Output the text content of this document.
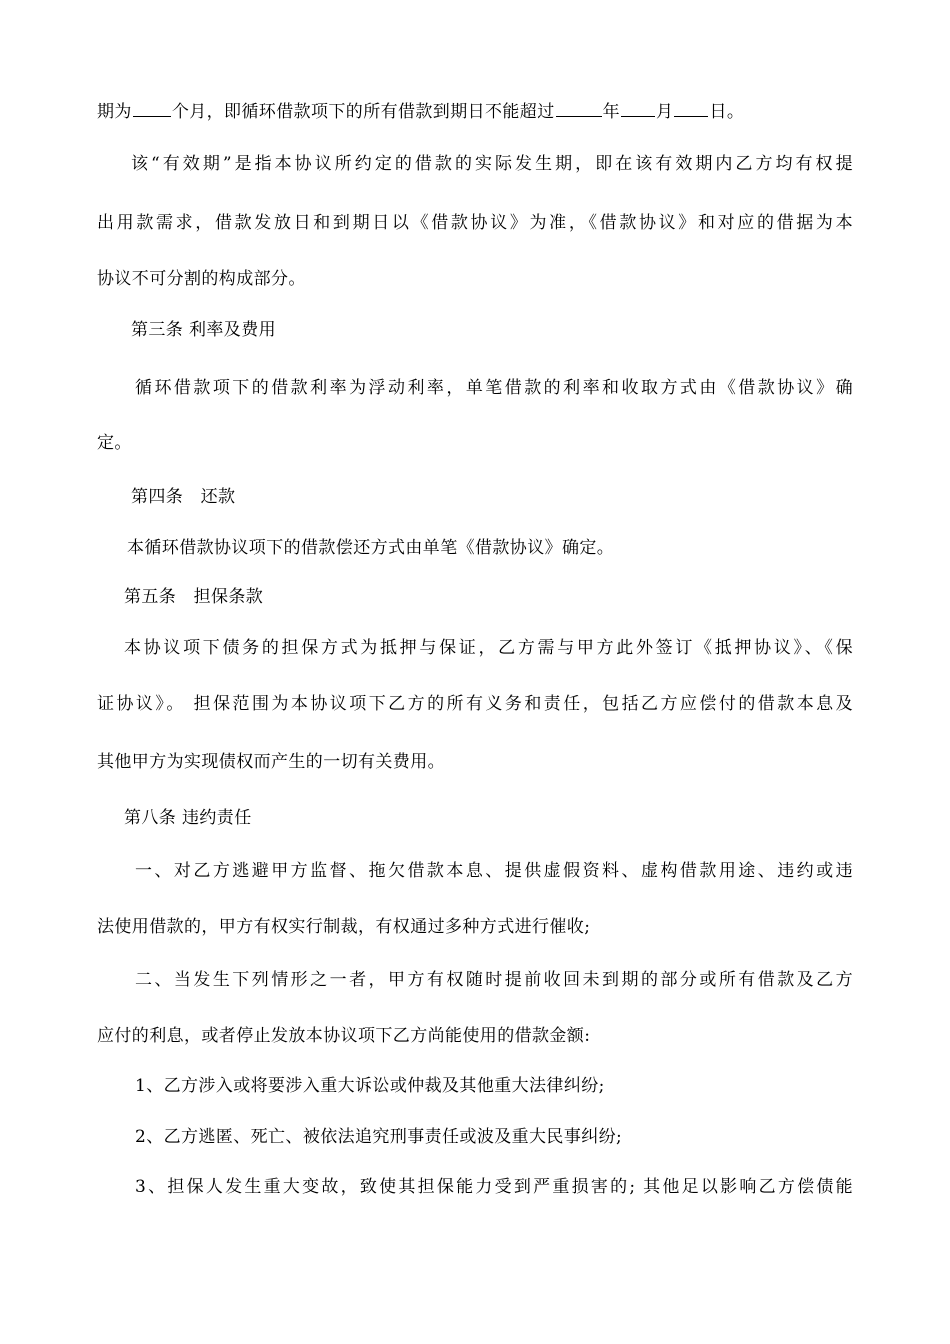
期为 个月，即循环借款项下的所有借款到期日不能超过	年 月 日。
该“有效期”是指本协议所约定的借款的实际发生期，即在该有效期内乙方均有权提
出用款需求，借款发放日和到期日以《借款协议》为准，《借款协议》和对应的借据为本
协议不可分割的构成部分。
第三条 利率及费用
循环借款项下的借款利率为浮动利率，单笔借款的利率和收取方式由《借款协议》确
定。
第四条　还款
本循环借款协议项下的借款偿还方式由单笔《借款协议》确定。
第五条　担保条款
本协议项下债务的担保方式为抵押与保证，乙方需与甲方此外签订《抵押协议》、《保
证协议》。 担保范围为本协议项下乙方的所有义务和责任，包括乙方应偿付的借款本息及
其他甲方为实现债权而产生的一切有关费用。
第八条 违约责任
一、对乙方逃避甲方监督、拖欠借款本息、提供虚假资料、虚构借款用途、违约或违
法使用借款的，甲方有权实行制裁，有权通过多种方式进行催收;
二、当发生下列情形之一者，甲方有权随时提前收回未到期的部分或所有借款及乙方
应付的利息，或者停止发放本协议项下乙方尚能使用的借款金额:
1、乙方涉入或将要涉入重大诉讼或仲裁及其他重大法律纠纷;
2、乙方逃匿、死亡、被依法追究刑事责任或波及重大民事纠纷;
3、担保人发生重大变故，致使其担保能力受到严重损害的; 其他足以影响乙方偿债能
